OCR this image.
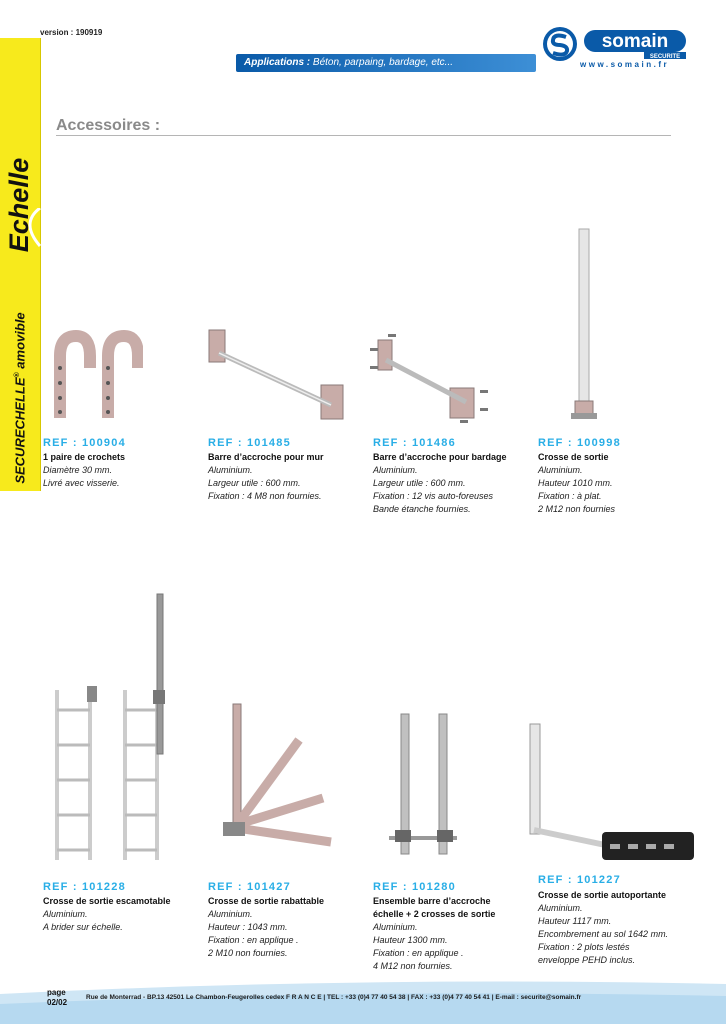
version : 190919
Echelle
SECURECHELLE® amovible
Applications : Béton, parpaing, bardage, etc...
somain
SECURITE
www.somain.fr
Accessoires :
REF : 100904
1 paire de crochets
Diamètre 30 mm.
Livré avec visserie.
REF : 101485
Barre d’accroche pour mur
Aluminium.
Largeur utile : 600 mm.
Fixation : 4 M8 non fournies.
REF : 101486
Barre d’accroche pour bardage
Aluminium.
Largeur utile : 600 mm.
Fixation : 12 vis auto-foreuses
Bande étanche fournies.
REF : 100998
Crosse de sortie
Aluminium.
Hauteur 1010 mm.
Fixation : à plat.
2 M12 non fournies
REF : 101228
Crosse de sortie escamotable
Aluminium.
A brider sur échelle.
REF : 101427
Crosse de sortie rabattable
Aluminium.
Hauteur : 1043 mm.
Fixation : en applique .
2 M10 non fournies.
REF : 101280
Ensemble barre d’accroche
échelle + 2 crosses de sortie
Aluminium.
Hauteur 1300 mm.
Fixation : en applique .
4 M12 non fournies.
REF : 101227
Crosse de sortie autoportante
Aluminium.
Hauteur 1117 mm.
Encombrement au sol 1642 mm.
Fixation : 2 plots lestés
enveloppe PEHD inclus.
page
02/02
Rue de Monterrad - BP.13 42501 Le Chambon-Feugerolles cedex F R A N C E | TEL : +33 (0)4 77 40 54 38 | FAX : +33 (0)4 77 40 54 41 | E-mail : securite@somain.fr
